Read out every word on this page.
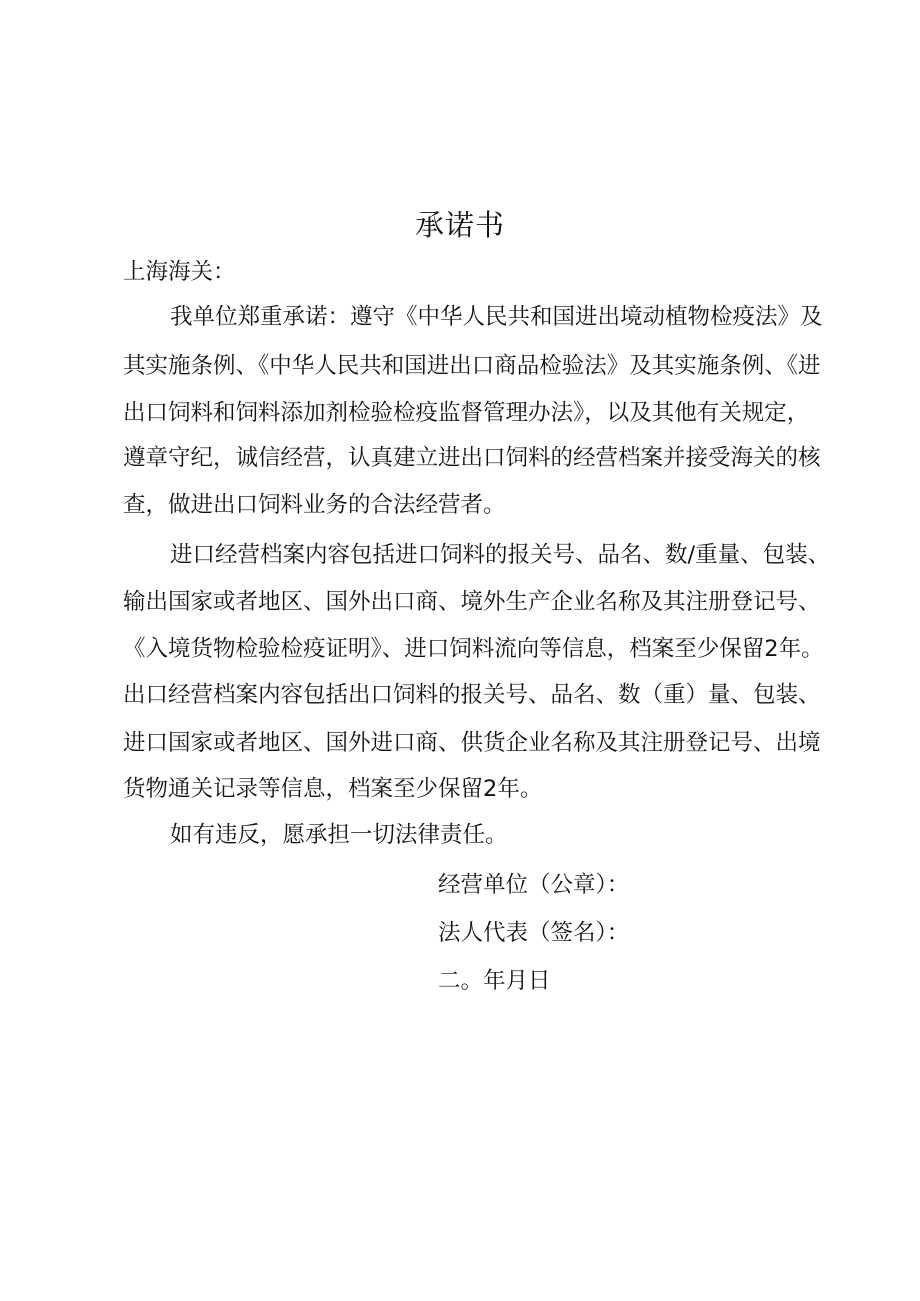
承诺书
上海海关：
我单位郑重承诺：遵守《中华人民共和国进出境动植物检疫法》及
其实施条例、《中华人民共和国进出口商品检验法》及其实施条例、《进
出口饲料和饲料添加剂检验检疫监督管理办法》，以及其他有关规定，
遵章守纪，诚信经营，认真建立进出口饲料的经营档案并接受海关的核
查，做进出口饲料业务的合法经营者。
进口经营档案内容包括进口饲料的报关号、品名、数/重量、包装、
输出国家或者地区、国外出口商、境外生产企业名称及其注册登记号、
《入境货物检验检疫证明》、进口饲料流向等信息，档案至少保留2年。
出口经营档案内容包括出口饲料的报关号、品名、数（重）量、包装、
进口国家或者地区、国外进口商、供货企业名称及其注册登记号、出境
货物通关记录等信息，档案至少保留2年。
如有违反，愿承担一切法律责任。
经营单位（公章）：
法人代表（签名）：
二。年月日
